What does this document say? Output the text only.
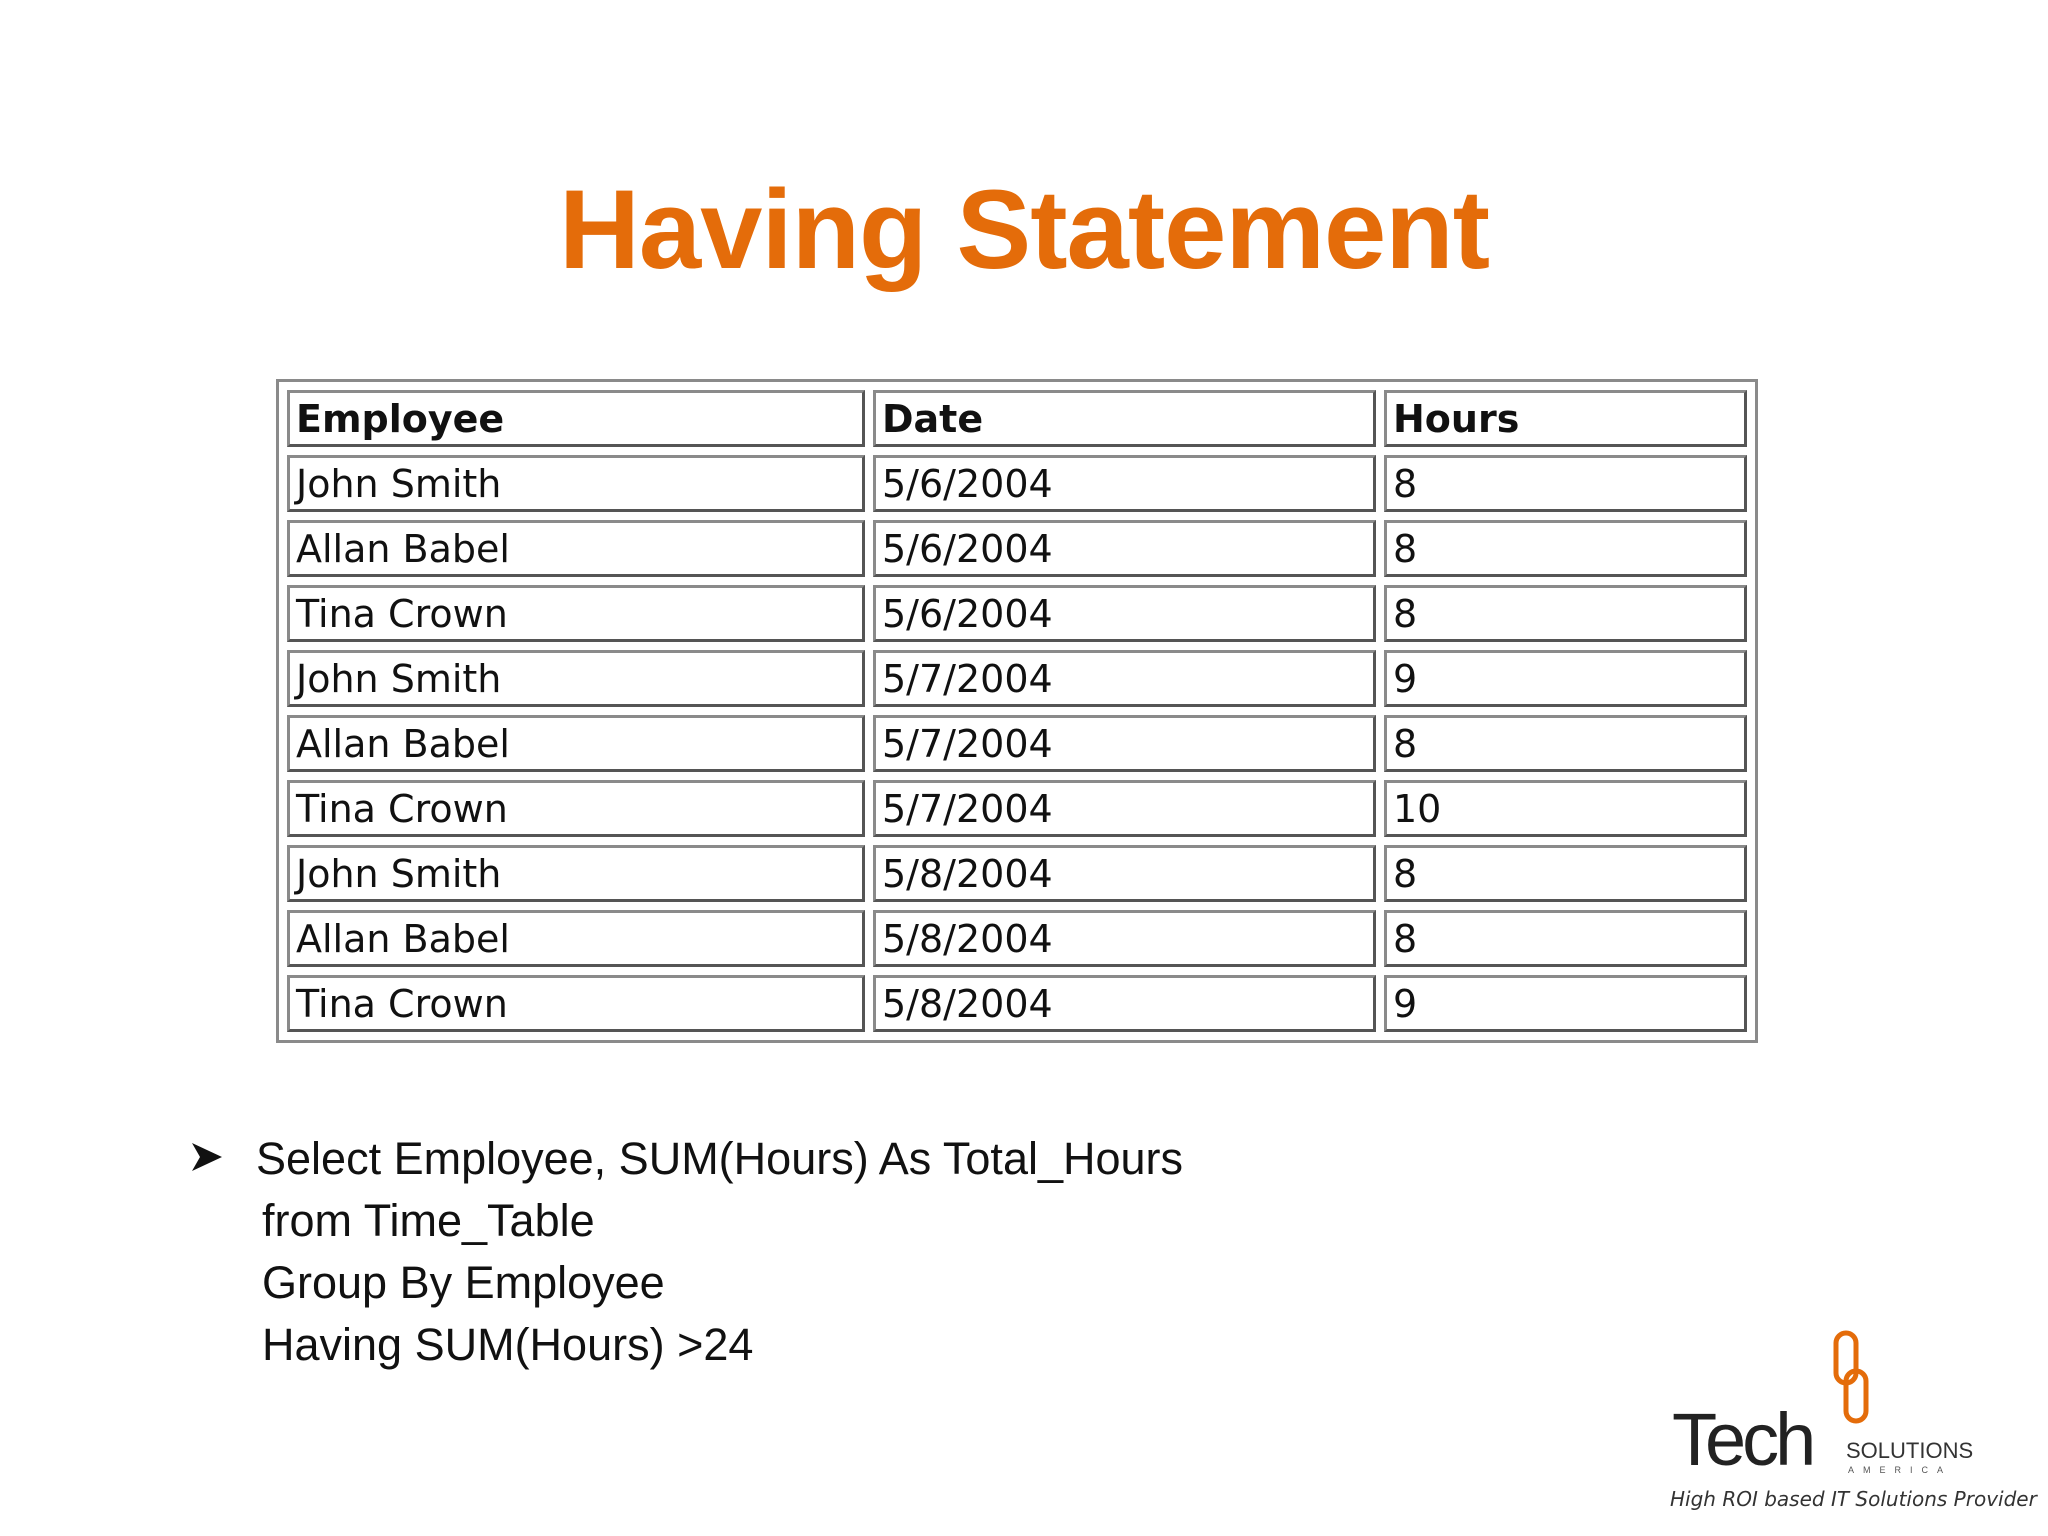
Having Statement
Employee	Date	Hours
John Smith	5/6/2004	8
Allan Babel	5/6/2004	8
Tina Crown	5/6/2004	8
John Smith	5/7/2004	9
Allan Babel	5/7/2004	8
Tina Crown	5/7/2004	10
John Smith	5/8/2004	8
Allan Babel	5/8/2004	8
Tina Crown	5/8/2004	9
Select Employee, SUM(Hours) As Total_Hours
from Time_Table
Group By Employee
Having SUM(Hours) >24
Tech SOLUTIONS
AMERICA
High ROI based IT Solutions Provider
